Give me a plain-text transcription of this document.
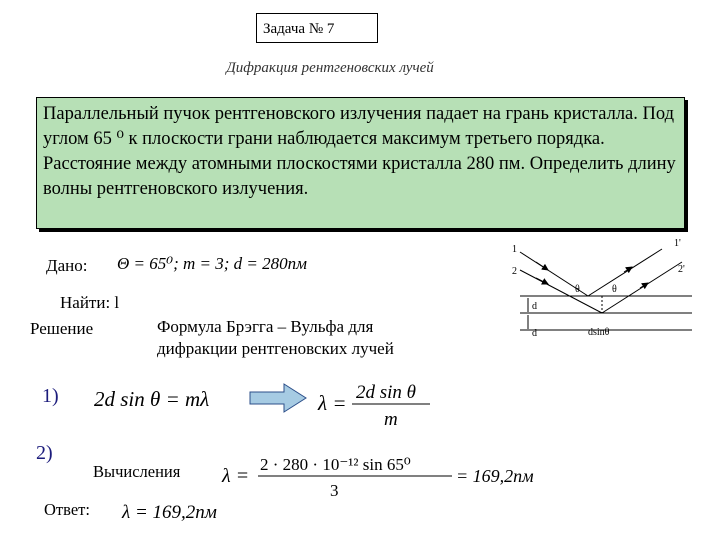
Задача № 7
Дифракция рентгеновских лучей
Параллельный пучок рентгеновского излучения падает на грань кристалла. Под углом 65 ⁰ к плоскости грани наблюдается максимум третьего порядка. Расстояние между атомными плоскостями кристалла 280 пм. Определить длину волны рентгеновского излучения.
Дано: Θ = 65⁰; m = 3; d = 280пм
Найти: l
Решение	Формула Брэгга – Вульфа для дифракции рентгеновских лучей
1)
2)
Вычисления
Ответ:
1
2
1'
2'
θ	θ
d
d	dsinθ
2d sin θ = mλ	λ = 2d sin θ
m
λ =
2 · 280 · 10⁻¹² sin 65⁰
3
= 169,2пм
λ = 169,2пм
